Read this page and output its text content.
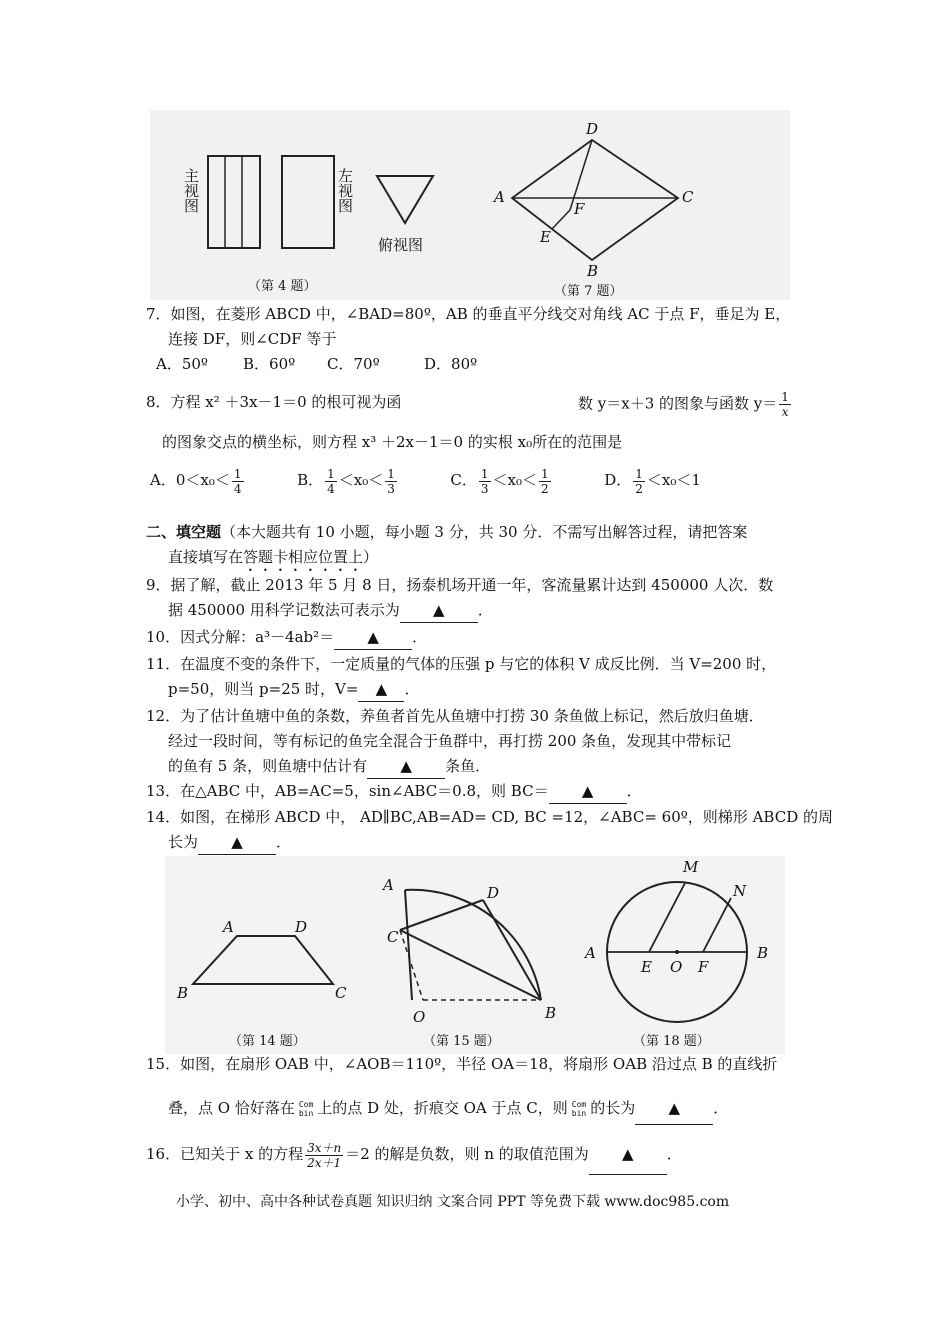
主视图	左视图
俯视图
（第 4 题）
D
A	C
F
E
B
（第 7 题）
7．如图，在菱形 ABCD 中，∠BAD=80º，AB 的垂直平分线交对角线 AC 于点 F，垂足为 E，
连接 DF，则∠CDF 等于
A．50º B．60º C．70º	D．80º
8．方程 x² ＋3x－1＝0 的根可视为函	数 y＝x＋3 的图象与函数 $y= \frac{1}{x}$
的图象交点的横坐标，则方程 x³ ＋2x－1＝0 的实根 x₀所在的范围是
A．$0<x_0< \frac{1}{4}$	B． $\frac{1}{4} <x_0< \frac{1}{3}$	C． $\frac{1}{3} <x_0< \frac{1}{2}$	D． $\frac{1}{2} <x_0<1$
二、填空题（本大题共有 10 小题，每小题 3 分，共 30 分．不需写出解答过程，请把答案
直接填写在答题卡相应位置上）
9．据了解，截止 2013 年 5 月 8 日，扬泰机场开通一年，客流量累计达到 450000 人次．数
据 450000 用科学记数法可表示为 ▲ ．
10．因式分解：a³－4ab²＝ ▲ ．
11．在温度不变的条件下，一定质量的气体的压强 p 与它的体积 V 成反比例．当 V=200 时，
p=50，则当 p=25 时，V= ▲ ．
12．为了估计鱼塘中鱼的条数，养鱼者首先从鱼塘中打捞 30 条鱼做上标记，然后放归鱼塘．
经过一段时间，等有标记的鱼完全混合于鱼群中，再打捞 200 条鱼，发现其中带标记
的鱼有 5 条，则鱼塘中估计有 ▲ 条鱼．
13．在△ABC 中，AB=AC=5，sin∠ABC＝0.8，则 BC＝ ▲ ．
14．如图，在梯形 ABCD 中， AD∥BC,AB=AD= CD, BC =12，∠ABC= 60º，则梯形 ABCD 的周
长为 ▲ ．
A	D
B	C
（第 14 题）
A	D
C
O	B
（第 15 题）
M
N
A
E O F
B
（第 18 题）
15．如图，在扇形 OAB 中，∠AOB＝110º，半径 OA＝18，将扇形 OAB 沿过点 B 的直线折
叠，点 O 恰好落在 Com
bin 上的点 D 处，折痕交 OA 于点 C，则 Com
bin 的长为 ▲ ．
16．已知关于 x 的方程 $\frac{3x+n}{2x+1} =2$ 的解是负数，则 n 的取值范围为 ▲ ．
小学、初中、高中各种试卷真题 知识归纳 文案合同 PPT 等免费下载 www.doc985.com
